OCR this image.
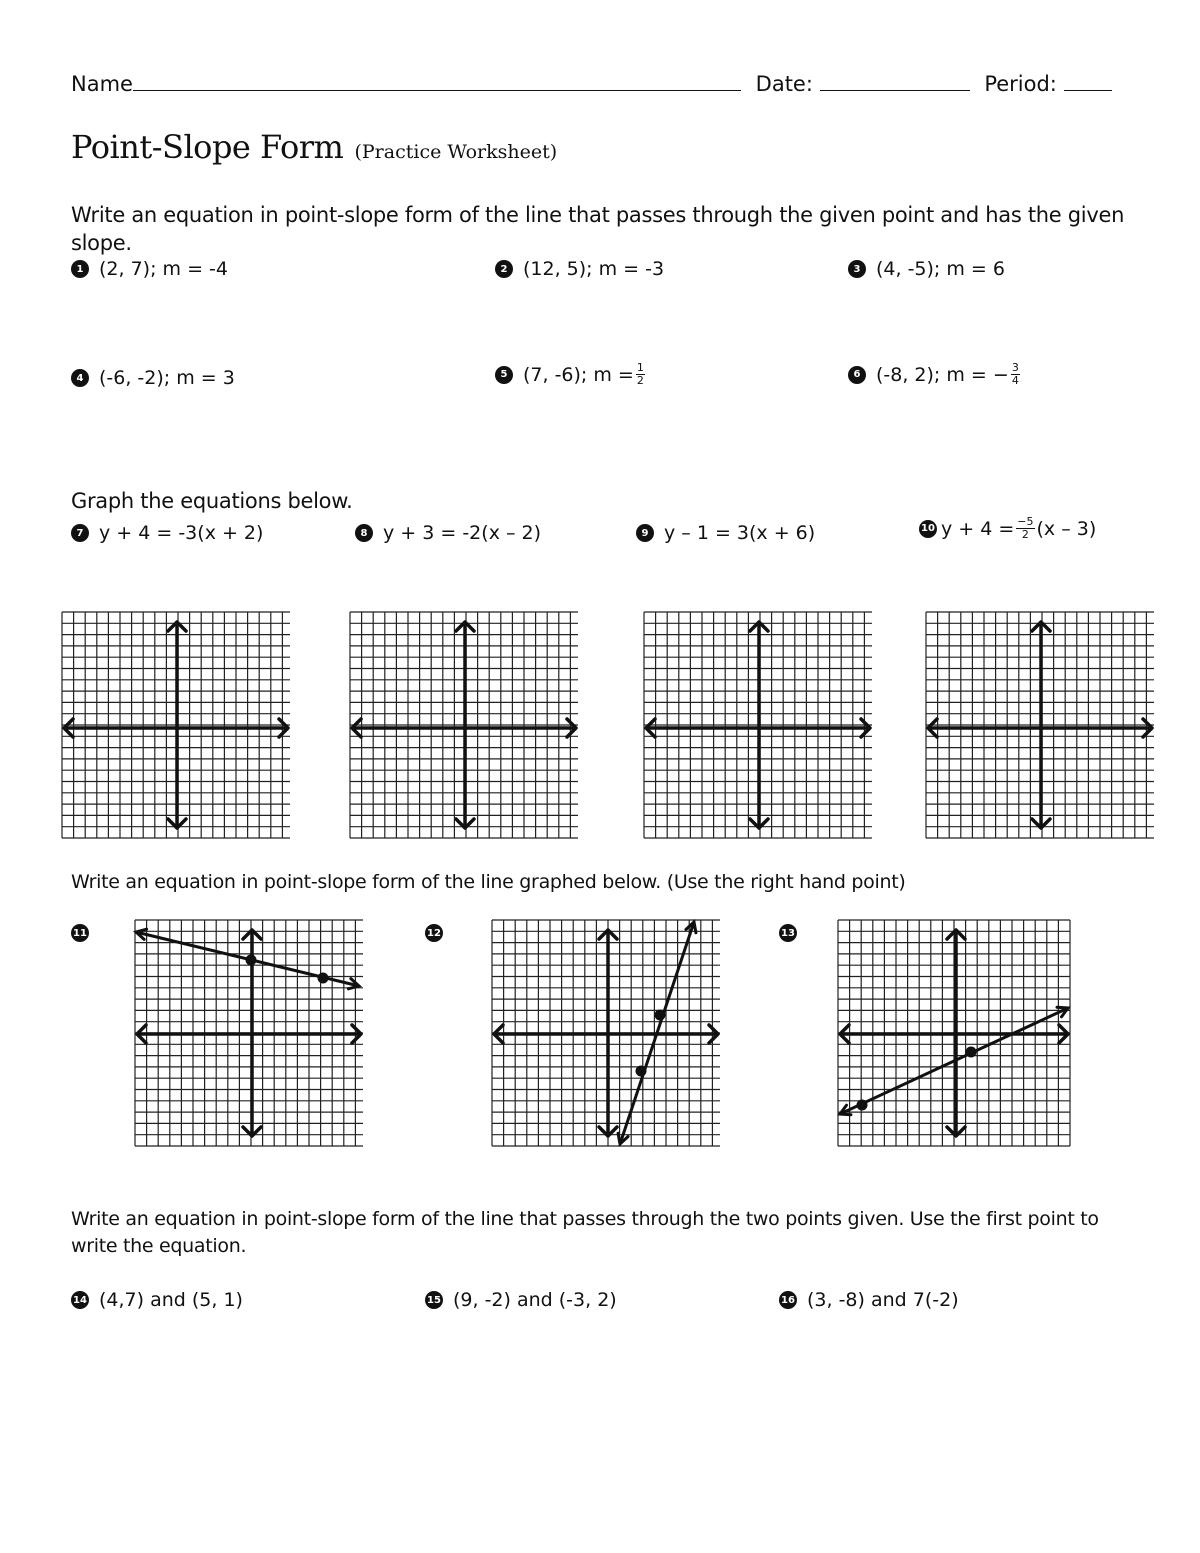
Name	Date:	Period:
Point-Slope Form (Practice Worksheet)
Write an equation in point-slope form of the line that passes through the given point and has the given slope.
1 (2, 7); m = -4	2 (12, 5); m = -3	3 (4, -5); m = 6
4 (-6, -2); m = 3	5 (7, -6); $m = \frac{1}{2}$	6 (-8, 2); m = − $\frac{3}{4}$
Graph the equations below.
7 y + 4 = -3(x + 2)	8 y + 3 = -2(x – 2)	9 y – 1 = 3(x + 6)	10 $y + 4 = \frac{-5}{2} (x - 3)$
Write an equation in point-slope form of the line graphed below. (Use the right hand point)
11	12	13
Write an equation in point-slope form of the line that passes through the two points given. Use the first point to write the equation.
14 (4,7) and (5, 1)	15 (9, -2) and (-3, 2)	16 (3, -8) and 7(-2)
